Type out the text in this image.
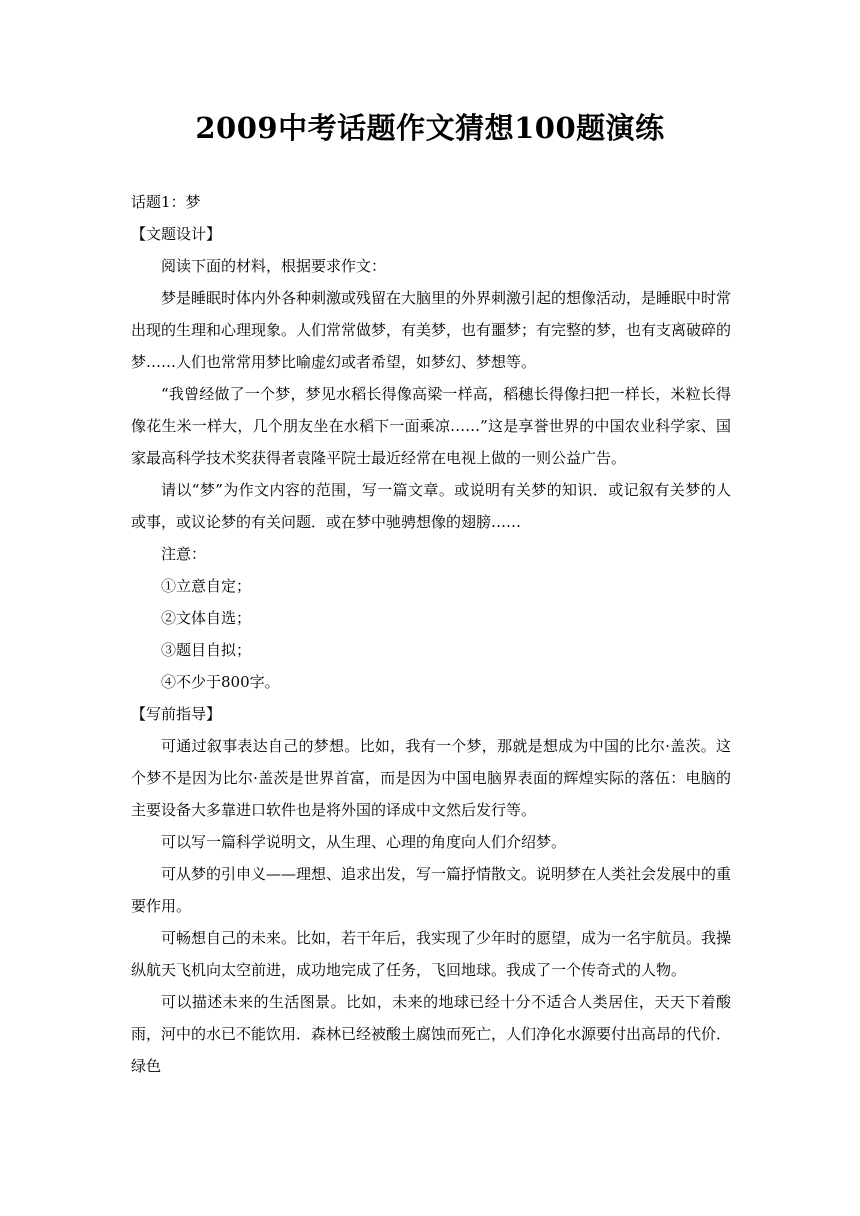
2009中考话题作文猜想100题演练

话题1：梦

【文题设计】

阅读下面的材料，根据要求作文：

梦是睡眠时体内外各种刺激或残留在大脑里的外界刺激引起的想像活动，是睡眠中时常出现的生理和心理现象。人们常常做梦，有美梦，也有噩梦；有完整的梦，也有支离破碎的梦……人们也常常用梦比喻虚幻或者希望，如梦幻、梦想等。

“我曾经做了一个梦，梦见水稻长得像高梁一样高，稻穗长得像扫把一样长，米粒长得像花生米一样大，几个朋友坐在水稻下一面乘凉……”这是享誉世界的中国农业科学家、国家最高科学技术奖获得者袁隆平院士最近经常在电视上做的一则公益广告。

请以“梦”为作文内容的范围，写一篇文章。或说明有关梦的知识．或记叙有关梦的人或事，或议论梦的有关问题．或在梦中驰骋想像的翅膀……

注意：

①立意自定；

②文体自选；

③题目自拟；

④不少于800字。

【写前指导】

可通过叙事表达自己的梦想。比如，我有一个梦，那就是想成为中国的比尔·盖茨。这个梦不是因为比尔·盖茨是世界首富，而是因为中国电脑界表面的辉煌实际的落伍：电脑的主要设备大多靠进口软件也是将外国的译成中文然后发行等。

可以写一篇科学说明文，从生理、心理的角度向人们介绍梦。

可从梦的引申义——理想、追求出发，写一篇抒情散文。说明梦在人类社会发展中的重要作用。

可畅想自己的未来。比如，若干年后，我实现了少年时的愿望，成为一名宇航员。我操纵航天飞机向太空前进，成功地完成了任务，飞回地球。我成了一个传奇式的人物。

可以描述未来的生活图景。比如，未来的地球已经十分不适合人类居住，天天下着酸雨，河中的水已不能饮用．森林已经被酸土腐蚀而死亡，人们净化水源要付出高昂的代价．绿色
